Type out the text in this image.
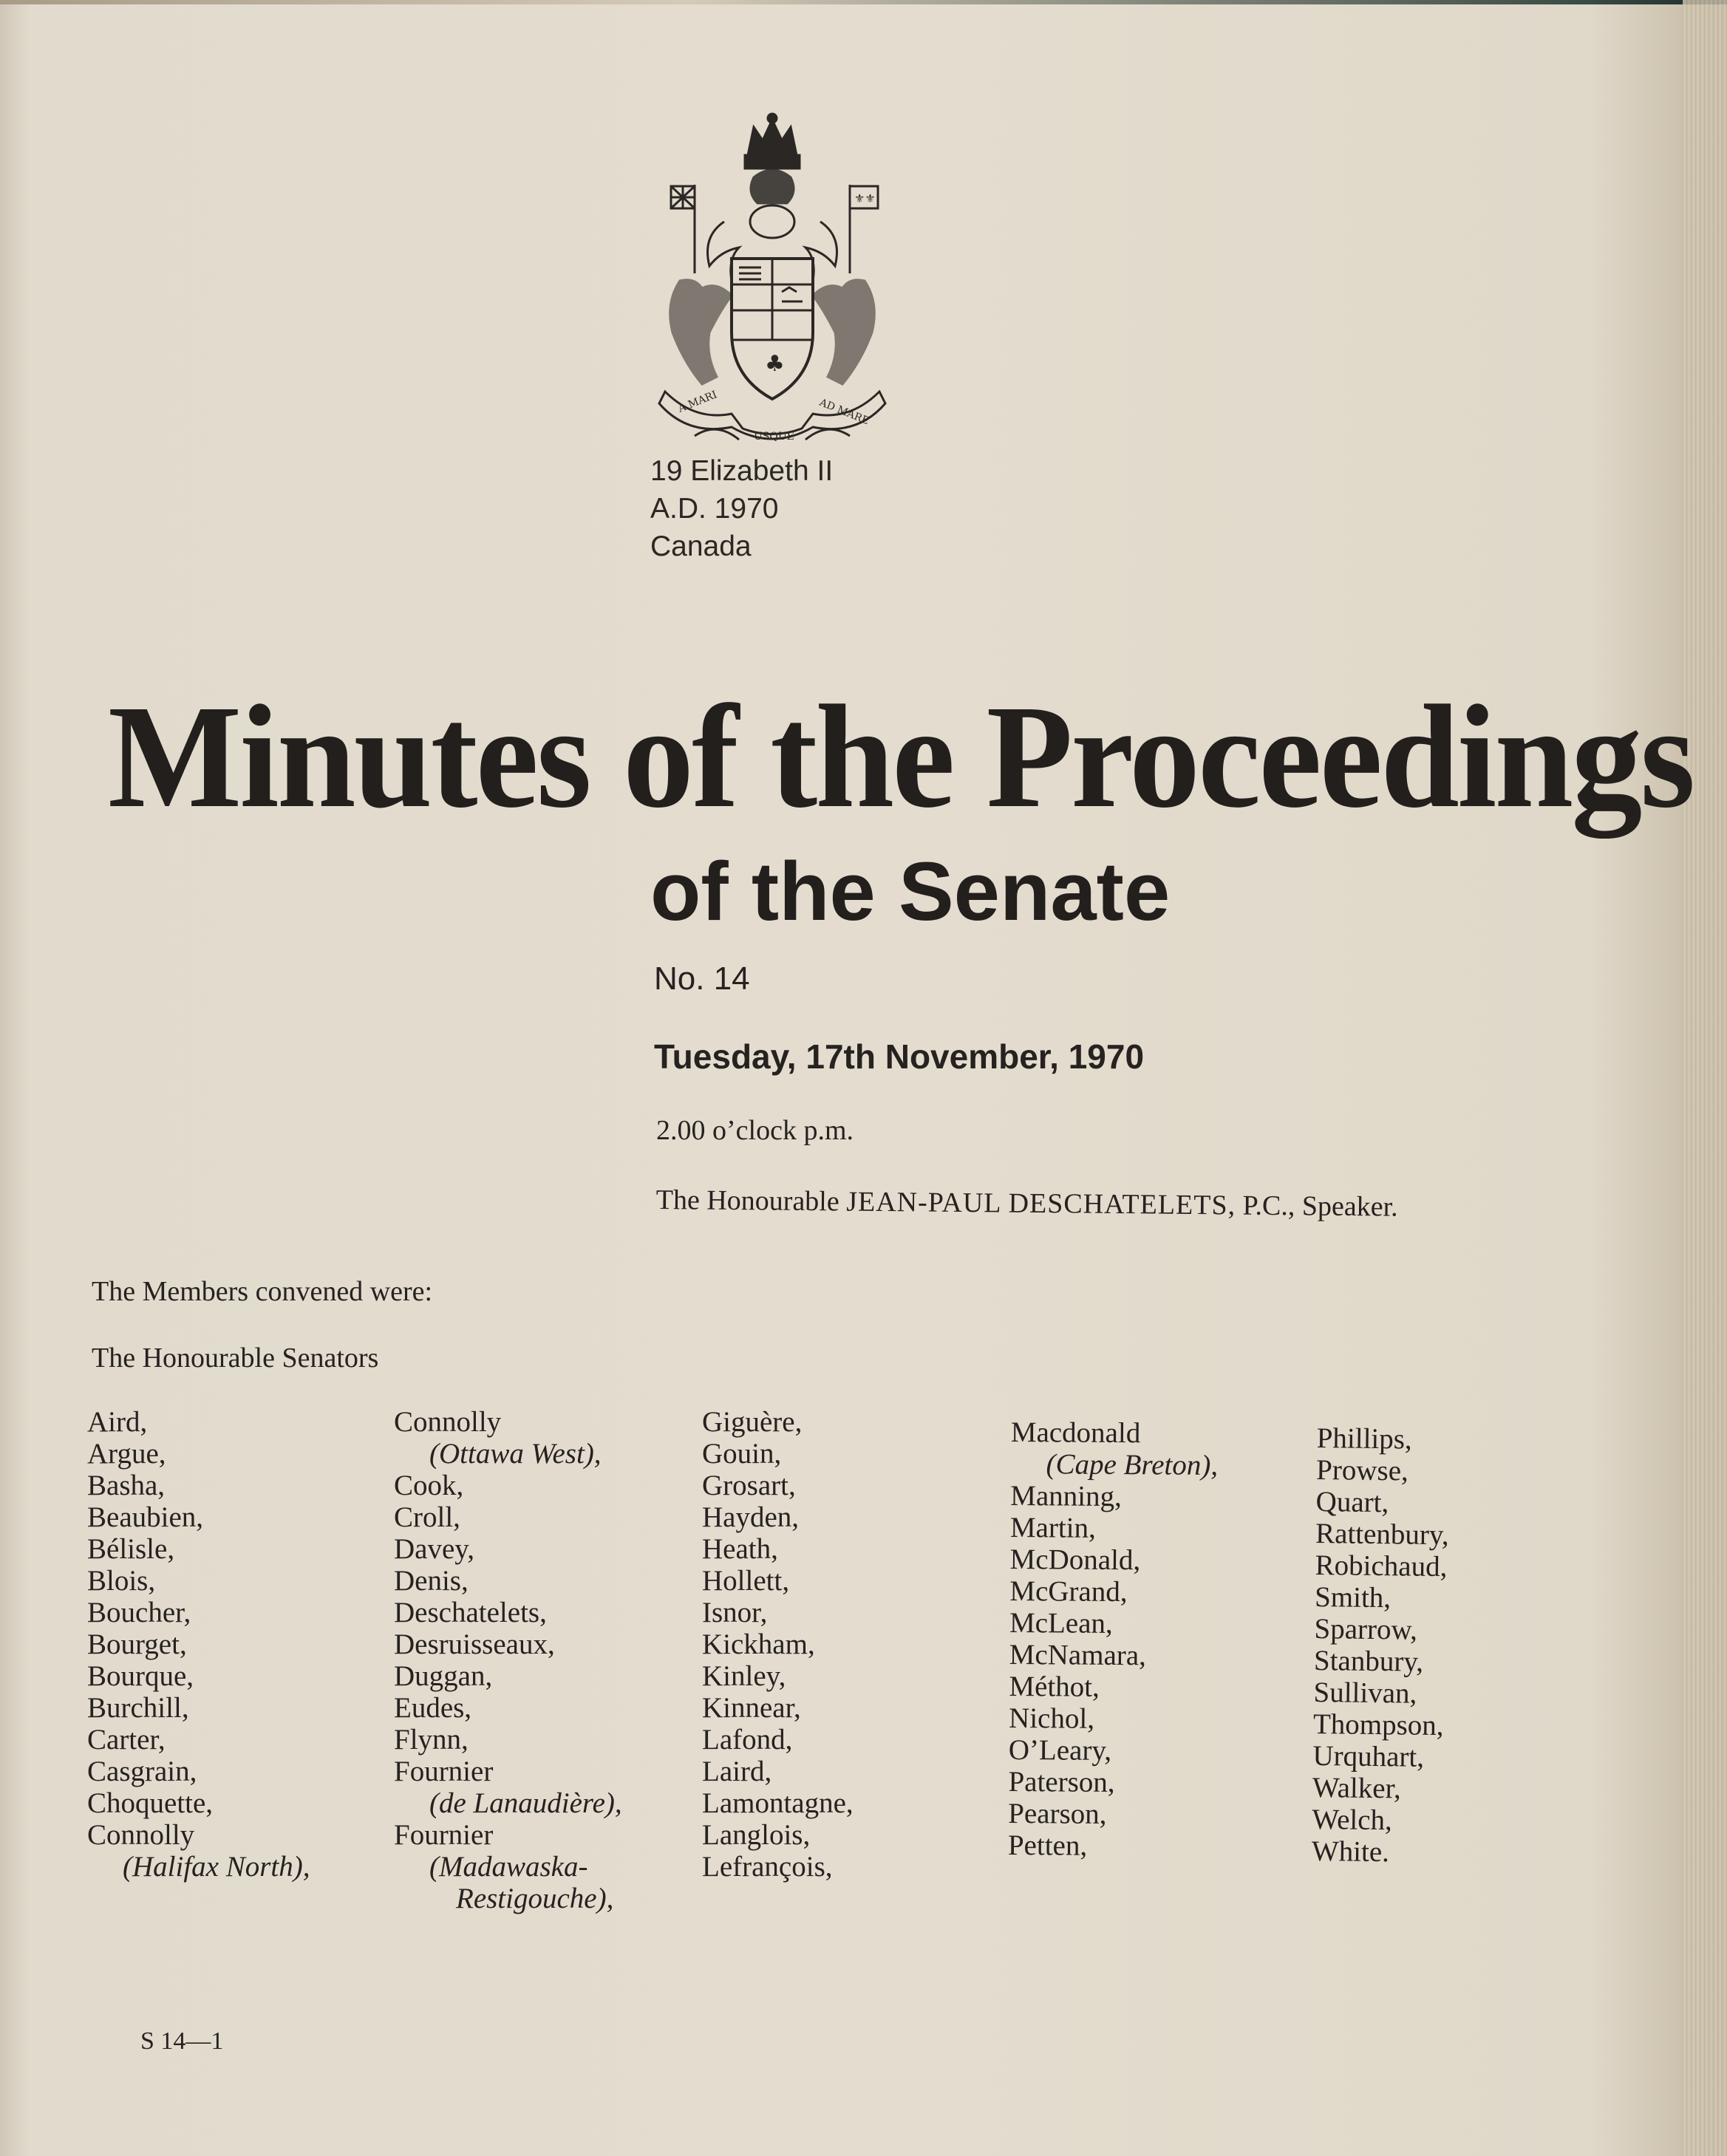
⚜⚜
♣
A MARI
USQUE
AD MARE
19 Elizabeth II
A.D. 1970
Canada
Minutes of the Proceedings
of the Senate
No. 14
Tuesday, 17th November, 1970
2.00 o’clock p.m.
The Honourable JEAN-PAUL DESCHATELETS, P.C., Speaker.
The Members convened were:
The Honourable Senators
Aird,
Argue,
Basha,
Beaubien,
Bélisle,
Blois,
Boucher,
Bourget,
Bourque,
Burchill,
Carter,
Casgrain,
Choquette,
Connolly
(Halifax North),
Connolly
(Ottawa West),
Cook,
Croll,
Davey,
Denis,
Deschatelets,
Desruisseaux,
Duggan,
Eudes,
Flynn,
Fournier
(de Lanaudière),
Fournier
(Madawaska-
Restigouche),
Giguère,
Gouin,
Grosart,
Hayden,
Heath,
Hollett,
Isnor,
Kickham,
Kinley,
Kinnear,
Lafond,
Laird,
Lamontagne,
Langlois,
Lefrançois,
Macdonald
(Cape Breton),
Manning,
Martin,
McDonald,
McGrand,
McLean,
McNamara,
Méthot,
Nichol,
O’Leary,
Paterson,
Pearson,
Petten,
Phillips,
Prowse,
Quart,
Rattenbury,
Robichaud,
Smith,
Sparrow,
Stanbury,
Sullivan,
Thompson,
Urquhart,
Walker,
Welch,
White.
S 14—1
